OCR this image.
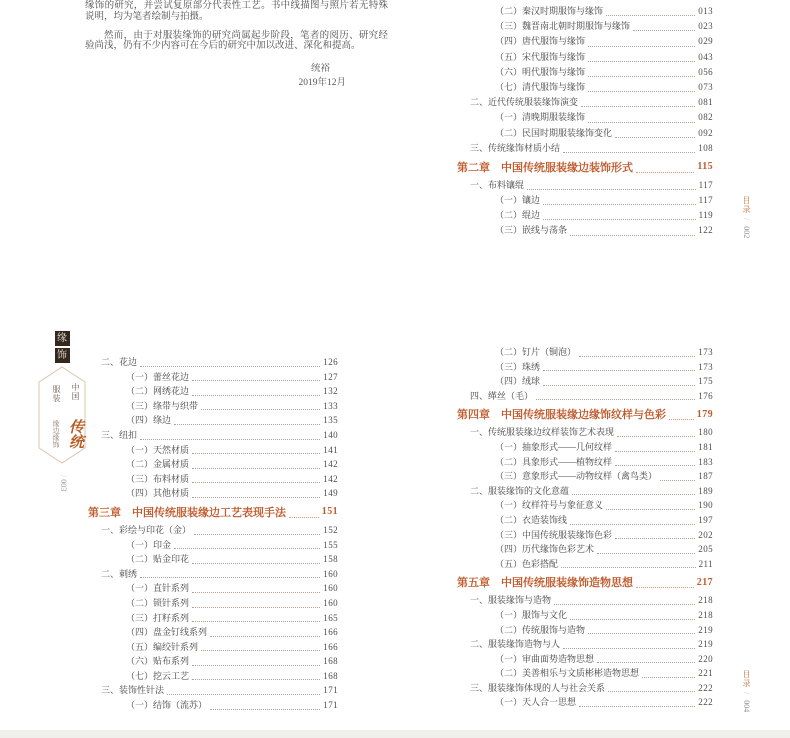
缘饰的研究，并尝试复原部分代表性工艺。书中线描图与照片若无特殊说明，均为笔者绘制与拍摄。

然而，由于对服装缘饰的研究尚属起步阶段，笔者的阅历、研究经验尚浅，仍有不少内容可在今后的研究中加以改进、深化和提高。

统裕
2019年12月
（二）秦汉时期服饰与缘饰	013
（三）魏晋南北朝时期服饰与缘饰	023
（四）唐代服饰与缘饰	029
（五）宋代服饰与缘饰	043
（六）明代服饰与缘饰	056
（七）清代服饰与缘饰	073
二、近代传统服装缘饰演变	081
（一）清晚期服装缘饰	082
（二）民国时期服装缘饰变化	092
三、传统缘饰材质小结	108
第二章　中国传统服装缘边装饰形式	115
一、布料镶绲	117
（一）镶边	117
（二）绲边	119
（三）嵌线与荡条	122
二、花边	126
（一）蕾丝花边	127
（二）网绣花边	132
（三）绦带与织带	133
（四）绦边	135
三、纽扣	140
（一）天然材质	141
（二）金属材质	142
（三）布料材质	142
（四）其他材质	149
第三章　中国传统服装缘边工艺表现手法	151
一、彩绘与印花（金）	152
（一）印金	155
（二）贴金印花	158
二、刺绣	160
（一）直针系列	160
（二）锁针系列	160
（三）打籽系列	165
（四）盘金钉线系列	166
（五）编绞针系列	166
（六）贴布系列	168
（七）挖云工艺	168
三、装饰性针法	171
（一）结饰（流苏）	171
（二）钉片（铜泡）	173
（三）珠绣	173
（四）绒球	175
四、缂丝（毛）	176
第四章　中国传统服装缘边缘饰纹样与色彩	179
一、传统服装缘边纹样装饰艺术表现	180
（一）抽象形式——几何纹样	181
（二）具象形式——植物纹样	183
（三）意象形式——动物纹样（禽鸟类）	187
二、服装缘饰的文化意蕴	189
（一）纹样符号与象征意义	190
（二）衣造装饰线	197
（三）中国传统服装缘饰色彩	202
（四）历代缘饰色彩艺术	205
（五）色彩搭配	211
第五章　中国传统服装缘饰造物思想	217
一、服装缘饰与造物	218
（一）服饰与文化	218
（二）传统服饰与造物	219
二、服装缘饰造物与人	219
（一）审曲面势造物思想	220
（二）美善相乐与文质彬彬造物思想	221
三、服装缘饰体现的人与社会关系	222
（一）天人合一思想	222
目录 / 002
目录 / 004
缘
饰
中国 传统 服装 缘边缘饰
/ 003
